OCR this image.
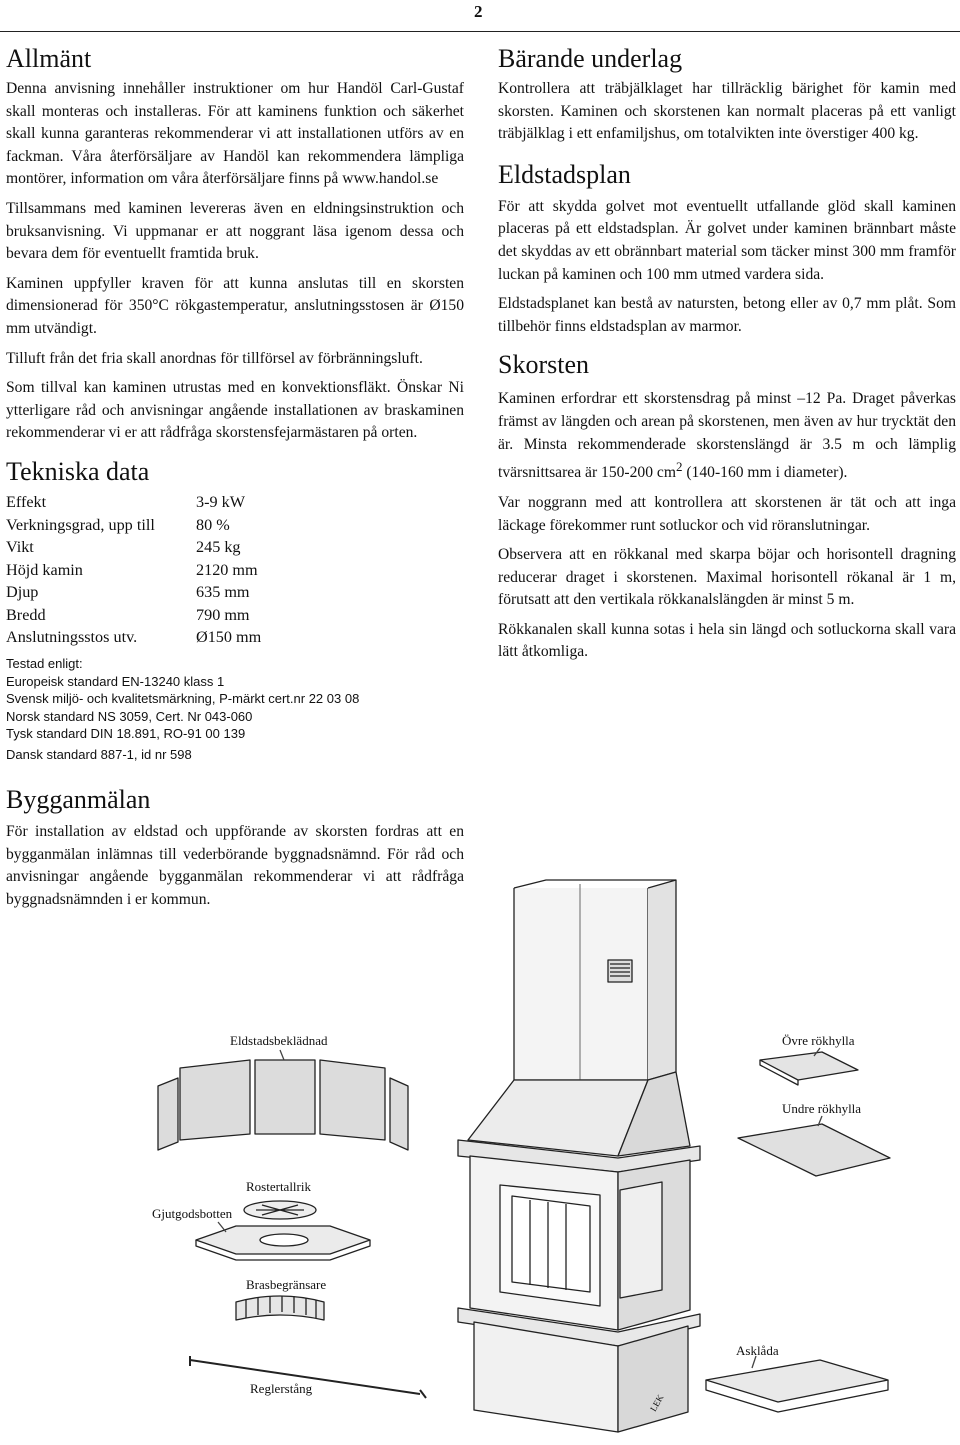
2
Allmänt

Denna anvisning innehåller instruktioner om hur Handöl Carl-Gustaf skall monteras och installeras. För att kaminens funktion och säkerhet skall kunna garanteras rekommenderar vi att installationen utförs av en fackman. Våra återförsäljare av Handöl kan rekommendera lämpliga montörer, information om våra återförsäljare finns på www.handol.se

Tillsammans med kaminen levereras även en eldningsinstruktion och bruksanvisning. Vi uppmanar er att noggrant läsa igenom dessa och bevara dem för eventuellt framtida bruk.

Kaminen uppfyller kraven för att kunna anslutas till en skorsten dimensionerad för 350°C rökgastemperatur, anslutningsstosen är Ø150 mm utvändigt.

Tilluft från det fria skall anordnas för tillförsel av förbränningsluft.

Som tillval kan kaminen utrustas med en konvektionsfläkt. Önskar Ni ytterligare råd och anvisningar angående installationen av braskaminen rekommenderar vi er att rådfråga skorstensfejarmästaren på orten.

Tekniska data
Effekt	3-9 kW
Verkningsgrad, upp till	80 %
Vikt	245 kg
Höjd kamin	2120 mm
Djup	635 mm
Bredd	790 mm
Anslutningsstos utv.	Ø150 mm
Testad enligt:
Europeisk standard EN-13240 klass 1
Svensk miljö- och kvalitetsmärkning, P-märkt cert.nr 22 03 08
Norsk standard NS 3059, Cert. Nr 043-060
Tysk standard DIN 18.891, RO-91 00 139
Dansk standard 887-1, id nr 598
Bygganmälan

För installation av eldstad och uppförande av skorsten fordras att en bygganmälan inlämnas till vederbörande byggnadsnämnd. För råd och anvisningar angående bygganmälan rekommenderar vi att rådfråga byggnadsnämnden i er kommun.

Bärande underlag

Kontrollera att träbjälklaget har tillräcklig bärighet för kamin med skorsten. Kaminen och skorstenen kan normalt placeras på ett vanligt träbjälklag i ett enfamiljshus, om totalvikten inte överstiger 400 kg.

Eldstadsplan

För att skydda golvet mot eventuellt utfallande glöd skall kaminen placeras på ett eldstadsplan. Är golvet under kaminen brännbart måste det skyddas av ett obrännbart material som täcker minst 300 mm framför luckan på kaminen och 100 mm utmed vardera sida.

Eldstadsplanet kan bestå av natursten, betong eller av 0,7 mm plåt. Som tillbehör finns eldstadsplan av marmor.

Skorsten

Kaminen erfordrar ett skorstensdrag på minst –12 Pa. Draget påverkas främst av längden och arean på skorstenen, men även av hur trycktät den är. Minsta rekommenderade skorstenslängd är 3.5 m och lämplig tvärsnittsarea är 150-200 $cm^2$ (140-160 mm i diameter).

Var noggrann med att kontrollera att skorstenen är tät och att inga läckage förekommer runt sotluckor och vid röranslutningar.

Observera att en rökkanal med skarpa böjar och horisontell dragning reducerar draget i skorstenen. Maximal horisontell rökanal är 1 m, förutsatt att den vertikala rökkanalslängden är minst 5 m.

Rökkanalen skall kunna sotas i hela sin längd och sotluckorna skall vara lätt åtkomliga.

Eldstadsbeklädnad	Övre rökhylla
Undre rökhylla
Rostertallrik
Gjutgodsbotten
Brasbegränsare
Asklåda
Reglerstång
LEK
